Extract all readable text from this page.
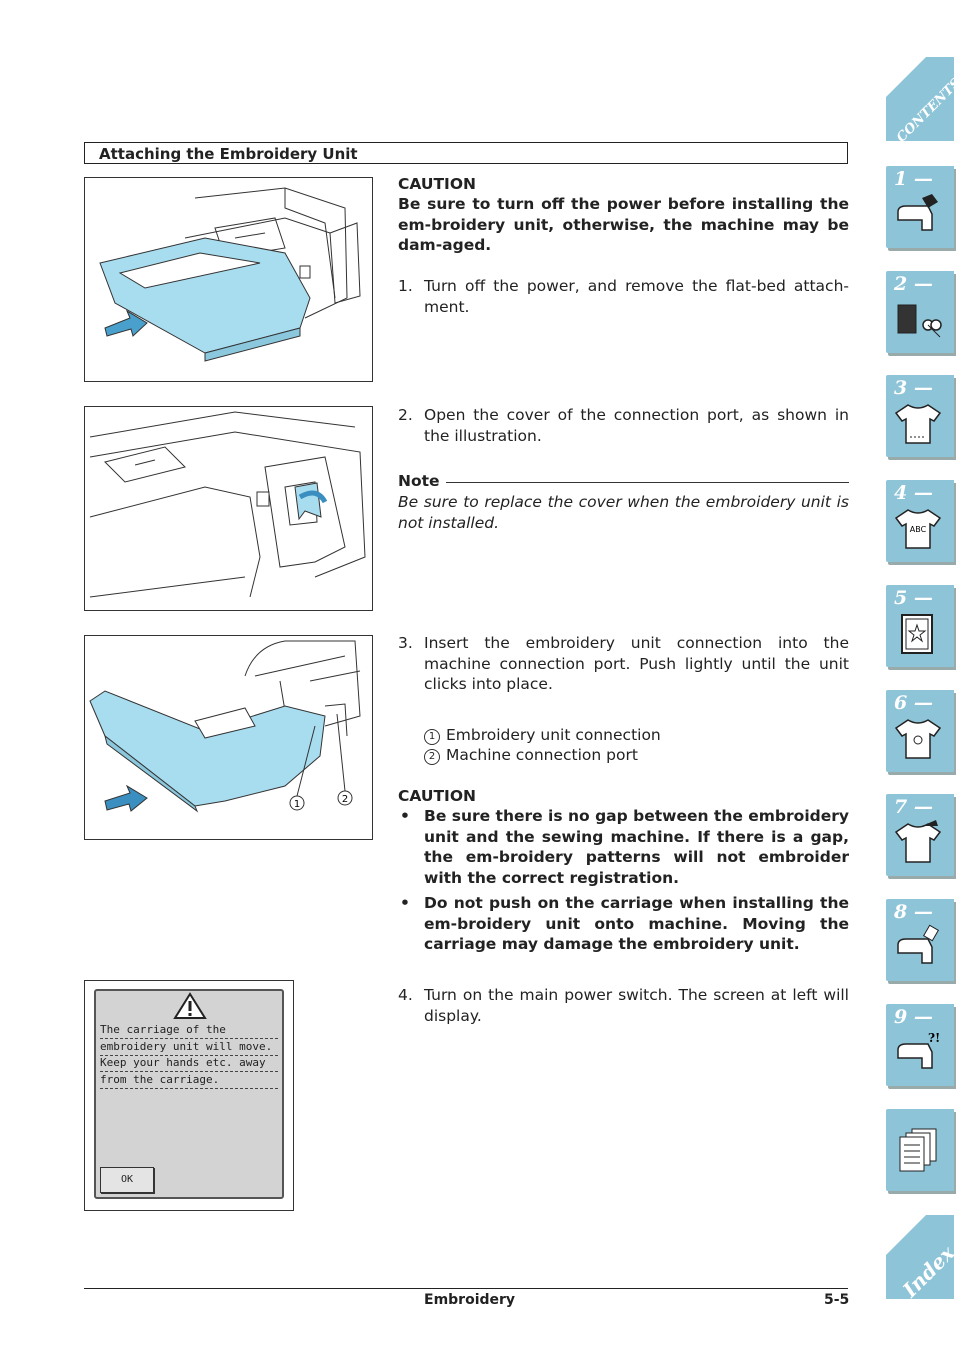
Attaching the Embroidery Unit
CAUTION
Be sure to turn off the power before installing the em-broidery unit, otherwise, the machine may be dam-aged.
1. Turn off the power, and remove the flat-bed attach-ment.
2. Open the cover of the connection port, as shown in the illustration.
Note
Be sure to replace the cover when the embroidery unit is not installed.
1	2
3. Insert the embroidery unit connection into the machine connection port. Push lightly until the unit clicks into place.
1 Embroidery unit connection
2 Machine connection port
CAUTION
• Be sure there is no gap between the embroidery unit and the sewing machine. If there is a gap, the em-broidery patterns will not embroider with the correct registration.
• Do not push on the carriage when installing the em-broidery unit onto machine. Moving the carriage may damage the embroidery unit.
The carriage of the
embroidery unit will move.
Keep your hands etc. away
from the carriage.
OK
4. Turn on the main power switch. The screen at left will display.
Embroidery	5-5
CONTENTS
1 —
2 —
3 —
4 —
ABC
5 —
6 —
7 —
8 —
9 —
?!
Index
